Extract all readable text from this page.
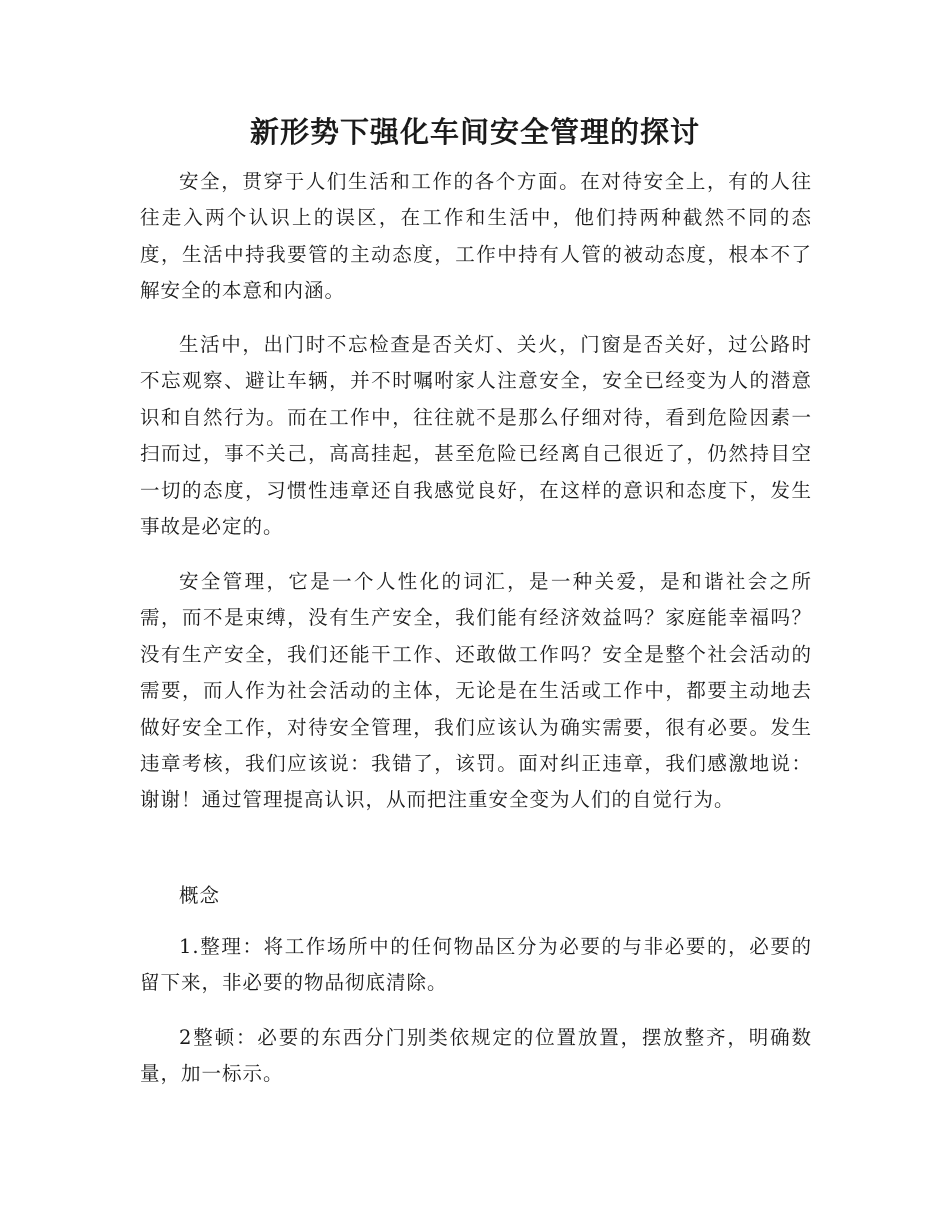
新形势下强化车间安全管理的探讨

安全，贯穿于人们生活和工作的各个方面。在对待安全上，有的人往往走入两个认识上的误区，在工作和生活中，他们持两种截然不同的态度，生活中持我要管的主动态度，工作中持有人管的被动态度，根本不了解安全的本意和内涵。

生活中，出门时不忘检查是否关灯、关火，门窗是否关好，过公路时不忘观察、避让车辆，并不时嘱咐家人注意安全，安全已经变为人的潜意识和自然行为。而在工作中，往往就不是那么仔细对待，看到危险因素一扫而过，事不关己，高高挂起，甚至危险已经离自己很近了，仍然持目空一切的态度，习惯性违章还自我感觉良好，在这样的意识和态度下，发生事故是必定的。

安全管理，它是一个人性化的词汇，是一种关爱，是和谐社会之所需，而不是束缚，没有生产安全，我们能有经济效益吗？家庭能幸福吗？没有生产安全，我们还能干工作、还敢做工作吗？安全是整个社会活动的需要，而人作为社会活动的主体，无论是在生活或工作中，都要主动地去做好安全工作，对待安全管理，我们应该认为确实需要，很有必要。发生违章考核，我们应该说：我错了，该罚。面对纠正违章，我们感激地说：谢谢！通过管理提高认识，从而把注重安全变为人们的自觉行为。

概念

1.整理：将工作场所中的任何物品区分为必要的与非必要的，必要的留下来，非必要的物品彻底清除。

2整顿：必要的东西分门别类依规定的位置放置，摆放整齐，明确数量，加一标示。
